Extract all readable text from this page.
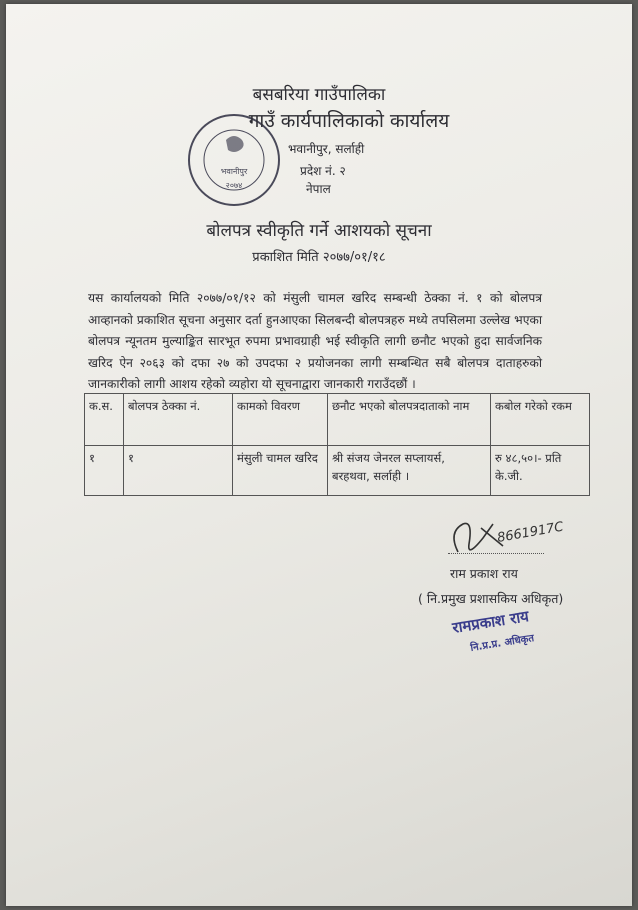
भवानीपुर
२०७४
बसबरिया गाउँपालिका
गाउँ कार्यपालिकाको कार्यालय
भवानीपुर, सर्लाही
प्रदेश नं. २
नेपाल
बोलपत्र स्वीकृति गर्ने आशयको सूचना
प्रकाशित मिति २०७७/०१/१८
यस कार्यालयको मिति २०७७/०१/१२ को मंसुली चामल खरिद सम्बन्धी ठेक्का नं. १ को बोलपत्र आव्हानको प्रकाशित सूचना अनुसार दर्ता हुनआएका सिलबन्दी बोलपत्रहरु मध्ये तपसिलमा उल्लेख भएका बोलपत्र न्यूनतम मुल्याङ्कित सारभूत रुपमा प्रभावग्राही भई स्वीकृति लागी छनौट भएको हुदा सार्वजनिक खरिद ऐन २०६३ को दफा २७ को उपदफा २ प्रयोजनका लागी सम्बन्धित सबै बोलपत्र दाताहरुको जानकारीको लागी आशय रहेको व्यहोरा यो सूचनाद्वारा जानकारी गराउँदछौं ।
क.स.	बोलपत्र ठेक्का नं.	कामको विवरण	छनौट भएको बोलपत्रदाताको नाम	कबोल गरेको रकम
१	१	मंसुली चामल खरिद	श्री संजय जेनरल सप्लायर्स, बरहथवा, सर्लाही ।	रु ४८,५०।- प्रति के.जी.
8661917C
राम प्रकाश राय
( नि.प्रमुख प्रशासकिय अधिकृत)
रामप्रकाश राय
नि.प्र.प्र. अधिकृत
